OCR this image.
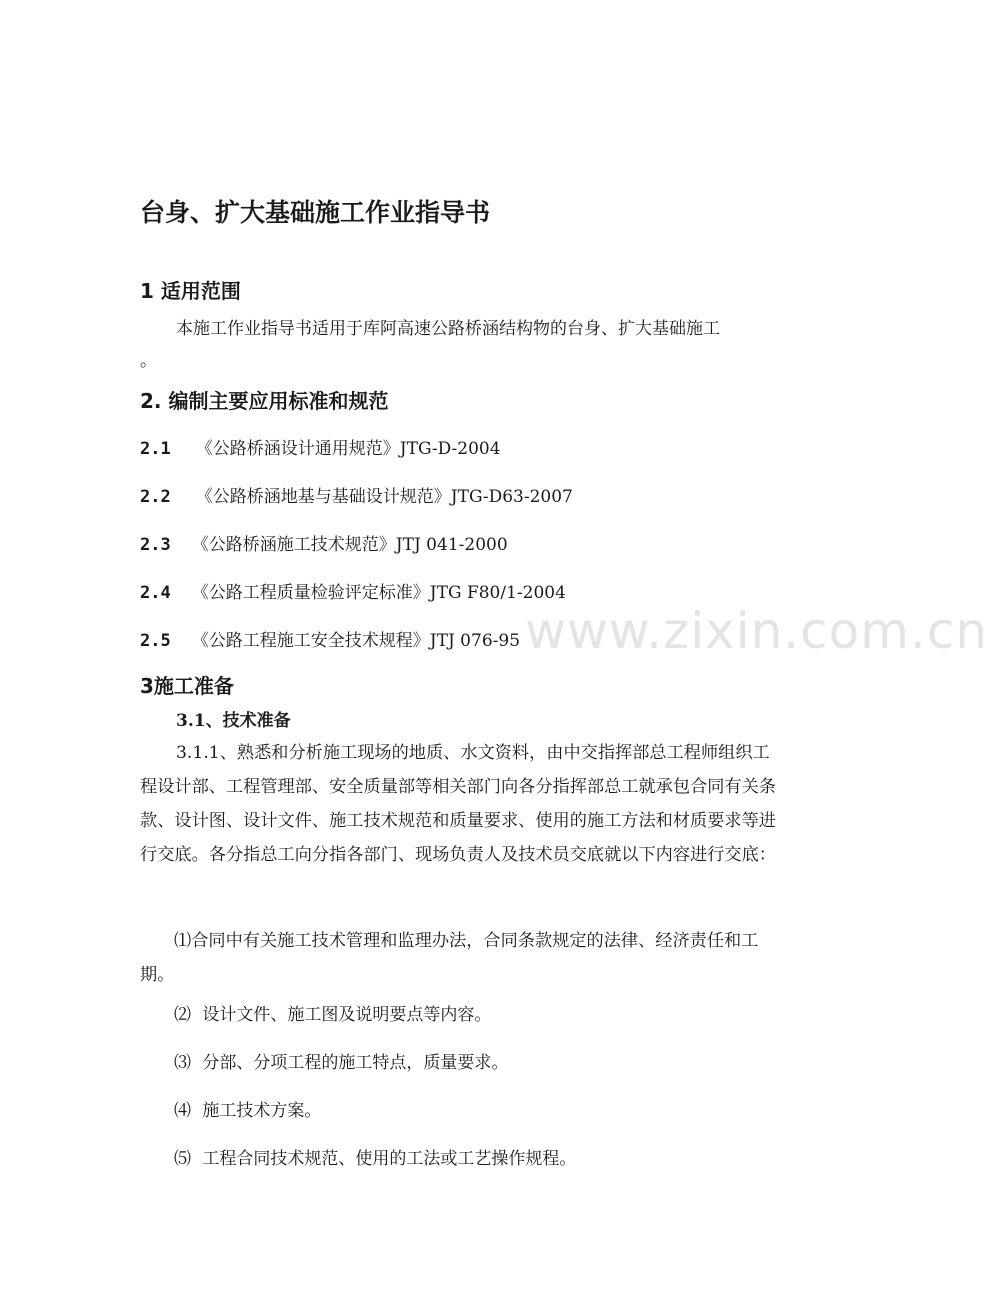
www.zixin.com.cn
台身、扩大基础施工作业指导书
1 适用范围
本施工作业指导书适用于库阿高速公路桥涵结构物的台身、扩大基础施工
。
2. 编制主要应用标准和规范
2.1 《公路桥涵设计通用规范》JTG-D-2004
2.2 《公路桥涵地基与基础设计规范》JTG-D63-2007
2.3 《公路桥涵施工技术规范》JTJ 041-2000
2.4 《公路工程质量检验评定标准》JTG F80/1-2004
2.5 《公路工程施工安全技术规程》JTJ 076-95
3施工准备
3.1、技术准备
3.1.1、熟悉和分析施工现场的地质、水文资料，由中交指挥部总工程师组织工程设计部、工程管理部、安全质量部等相关部门向各分指挥部总工就承包合同有关条款、设计图、设计文件、施工技术规范和质量要求、使用的施工方法和材质要求等进行交底。各分指总工向分指各部门、现场负责人及技术员交底就以下内容进行交底：
⑴合同中有关施工技术管理和监理办法，合同条款规定的法律、经济责任和工期。
⑵ 设计文件、施工图及说明要点等内容。
⑶ 分部、分项工程的施工特点，质量要求。
⑷ 施工技术方案。
⑸ 工程合同技术规范、使用的工法或工艺操作规程。
